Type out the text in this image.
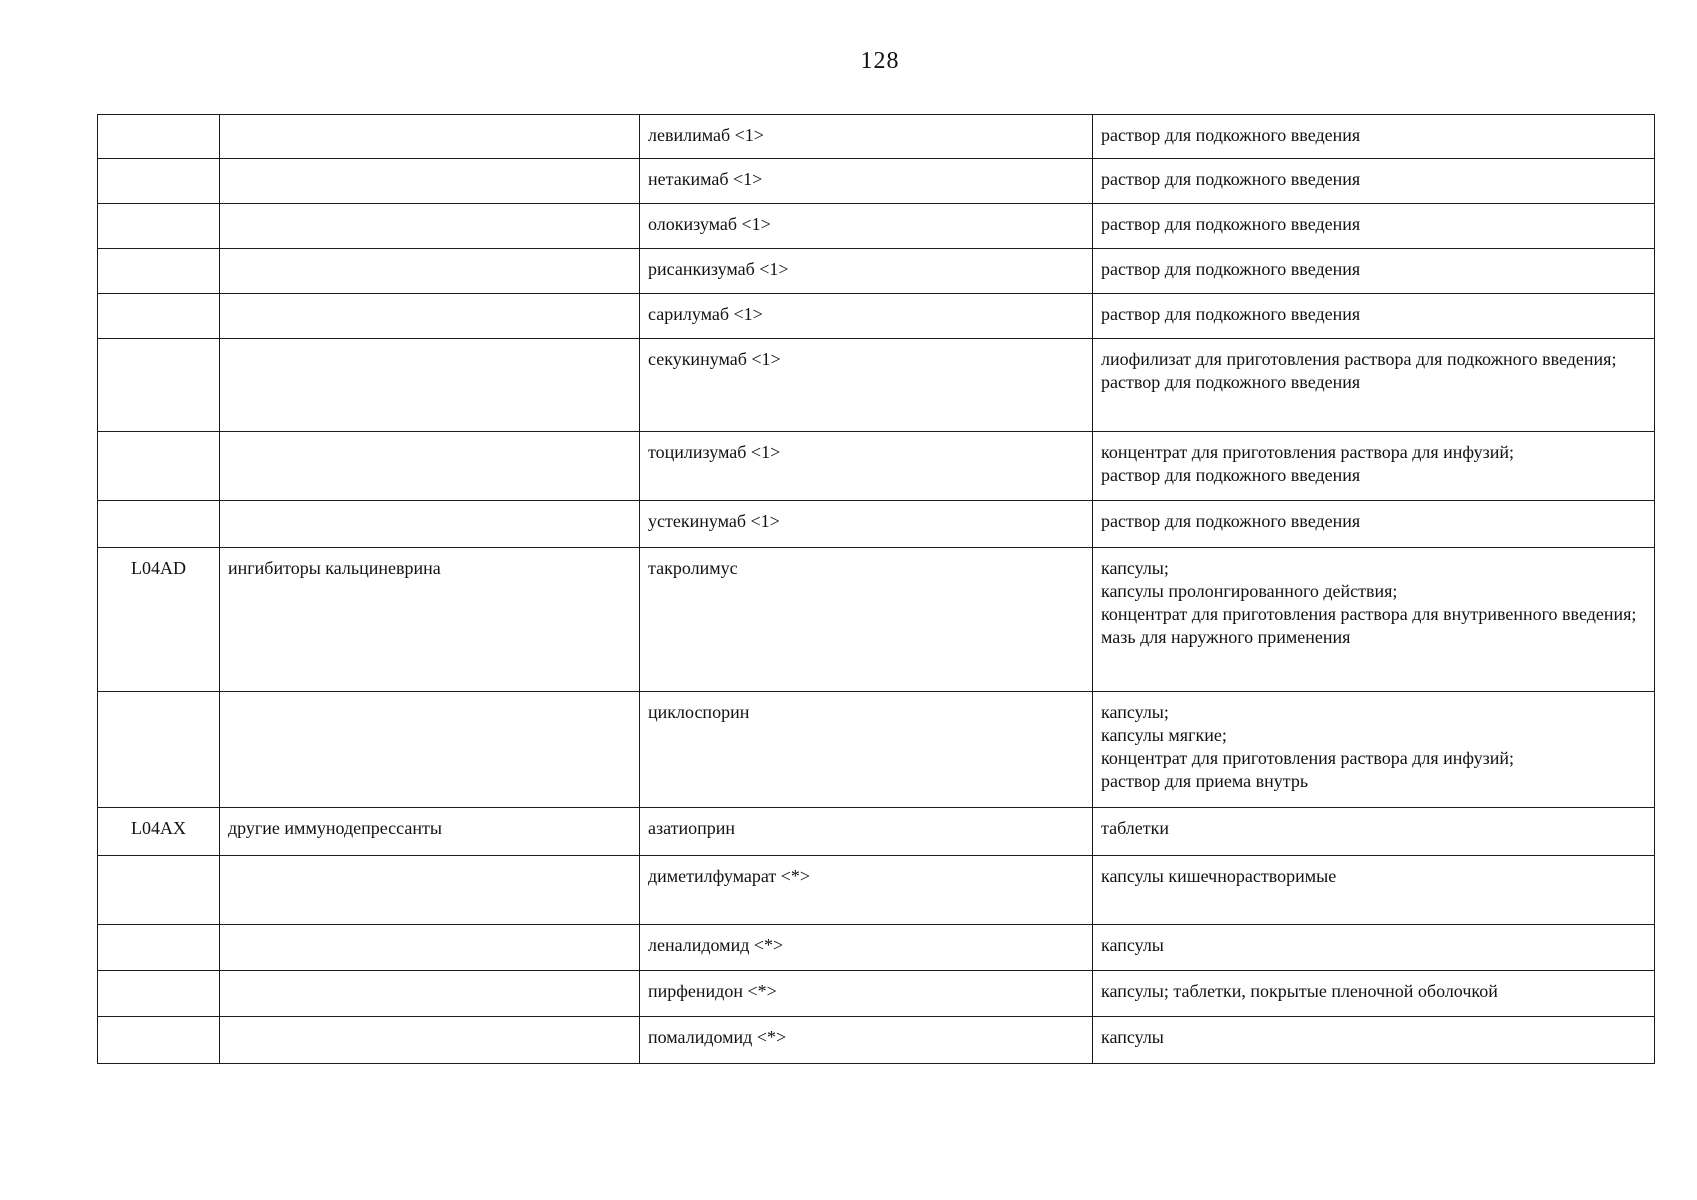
128
		левилимаб <1>	раствор для подкожного введения

		нетакимаб <1>	раствор для подкожного введения

		олокизумаб <1>	раствор для подкожного введения

		рисанкизумаб <1>	раствор для подкожного введения

		сарилумаб <1>	раствор для подкожного введения

		секукинумаб <1>	лиофилизат для приготовления раствора для подкожного введения;
раствор для подкожного введения

		тоцилизумаб <1>	концентрат для приготовления раствора для инфузий;
раствор для подкожного введения

		устекинумаб <1>	раствор для подкожного введения

L04AD	ингибиторы кальциневрина	такролимус	капсулы;
капсулы пролонгированного действия;
концентрат для приготовления раствора для внутривенного введения;
мазь для наружного применения

		циклоспорин	капсулы;
капсулы мягкие;
концентрат для приготовления раствора для инфузий;
раствор для приема внутрь

L04AX	другие иммунодепрессанты	азатиоприн	таблетки

		диметилфумарат <*>	капсулы кишечнорастворимые

		леналидомид <*>	капсулы

		пирфенидон <*>	капсулы; таблетки, покрытые пленочной оболочкой

		помалидомид <*>	капсулы
